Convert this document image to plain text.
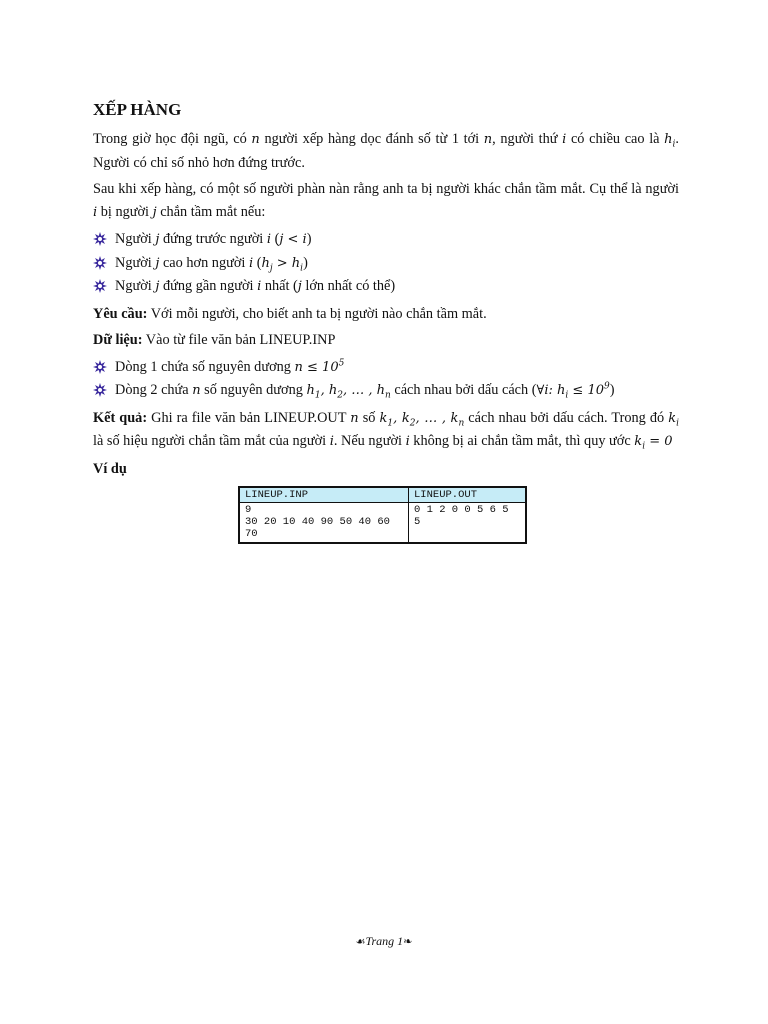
XẾP HÀNG

Trong giờ học đội ngũ, có n người xếp hàng dọc đánh số từ 1 tới n, người thứ i có chiều cao là $h_i$. Người có chỉ số nhỏ hơn đứng trước.

Sau khi xếp hàng, có một số người phàn nàn rằng anh ta bị người khác chắn tầm mắt. Cụ thể là người i bị người j chắn tầm mắt nếu:

Người j đứng trước người i (j < i)
Người j cao hơn người i $(h_j > h_i)$
Người j đứng gần người i nhất (j lớn nhất có thể)

Yêu cầu: Với mỗi người, cho biết anh ta bị người nào chắn tầm mắt.

Dữ liệu: Vào từ file văn bản LINEUP.INP

Dòng 1 chứa số nguyên dương $n \le 10^5$
Dòng 2 chứa n số nguyên dương $h_1$, $h_2$, … , $h_n$ cách nhau bởi dấu cách (∀i: $h_i \le 10^9$)

Kết quả: Ghi ra file văn bản LINEUP.OUT n số $k_1$, $k_2$, … , $k_n$ cách nhau bởi dấu cách. Trong đó $k_i$ là số hiệu người chắn tầm mắt của người i. Nếu người i không bị ai chắn tầm mắt, thì quy ước $k_i = 0$

Ví dụ

LINEUP.INP	LINEUP.OUT

9
30 20 10 40 90 50 40 60 70	0 1 2 0 0 5 6 5 5
☙Trang 1❧
